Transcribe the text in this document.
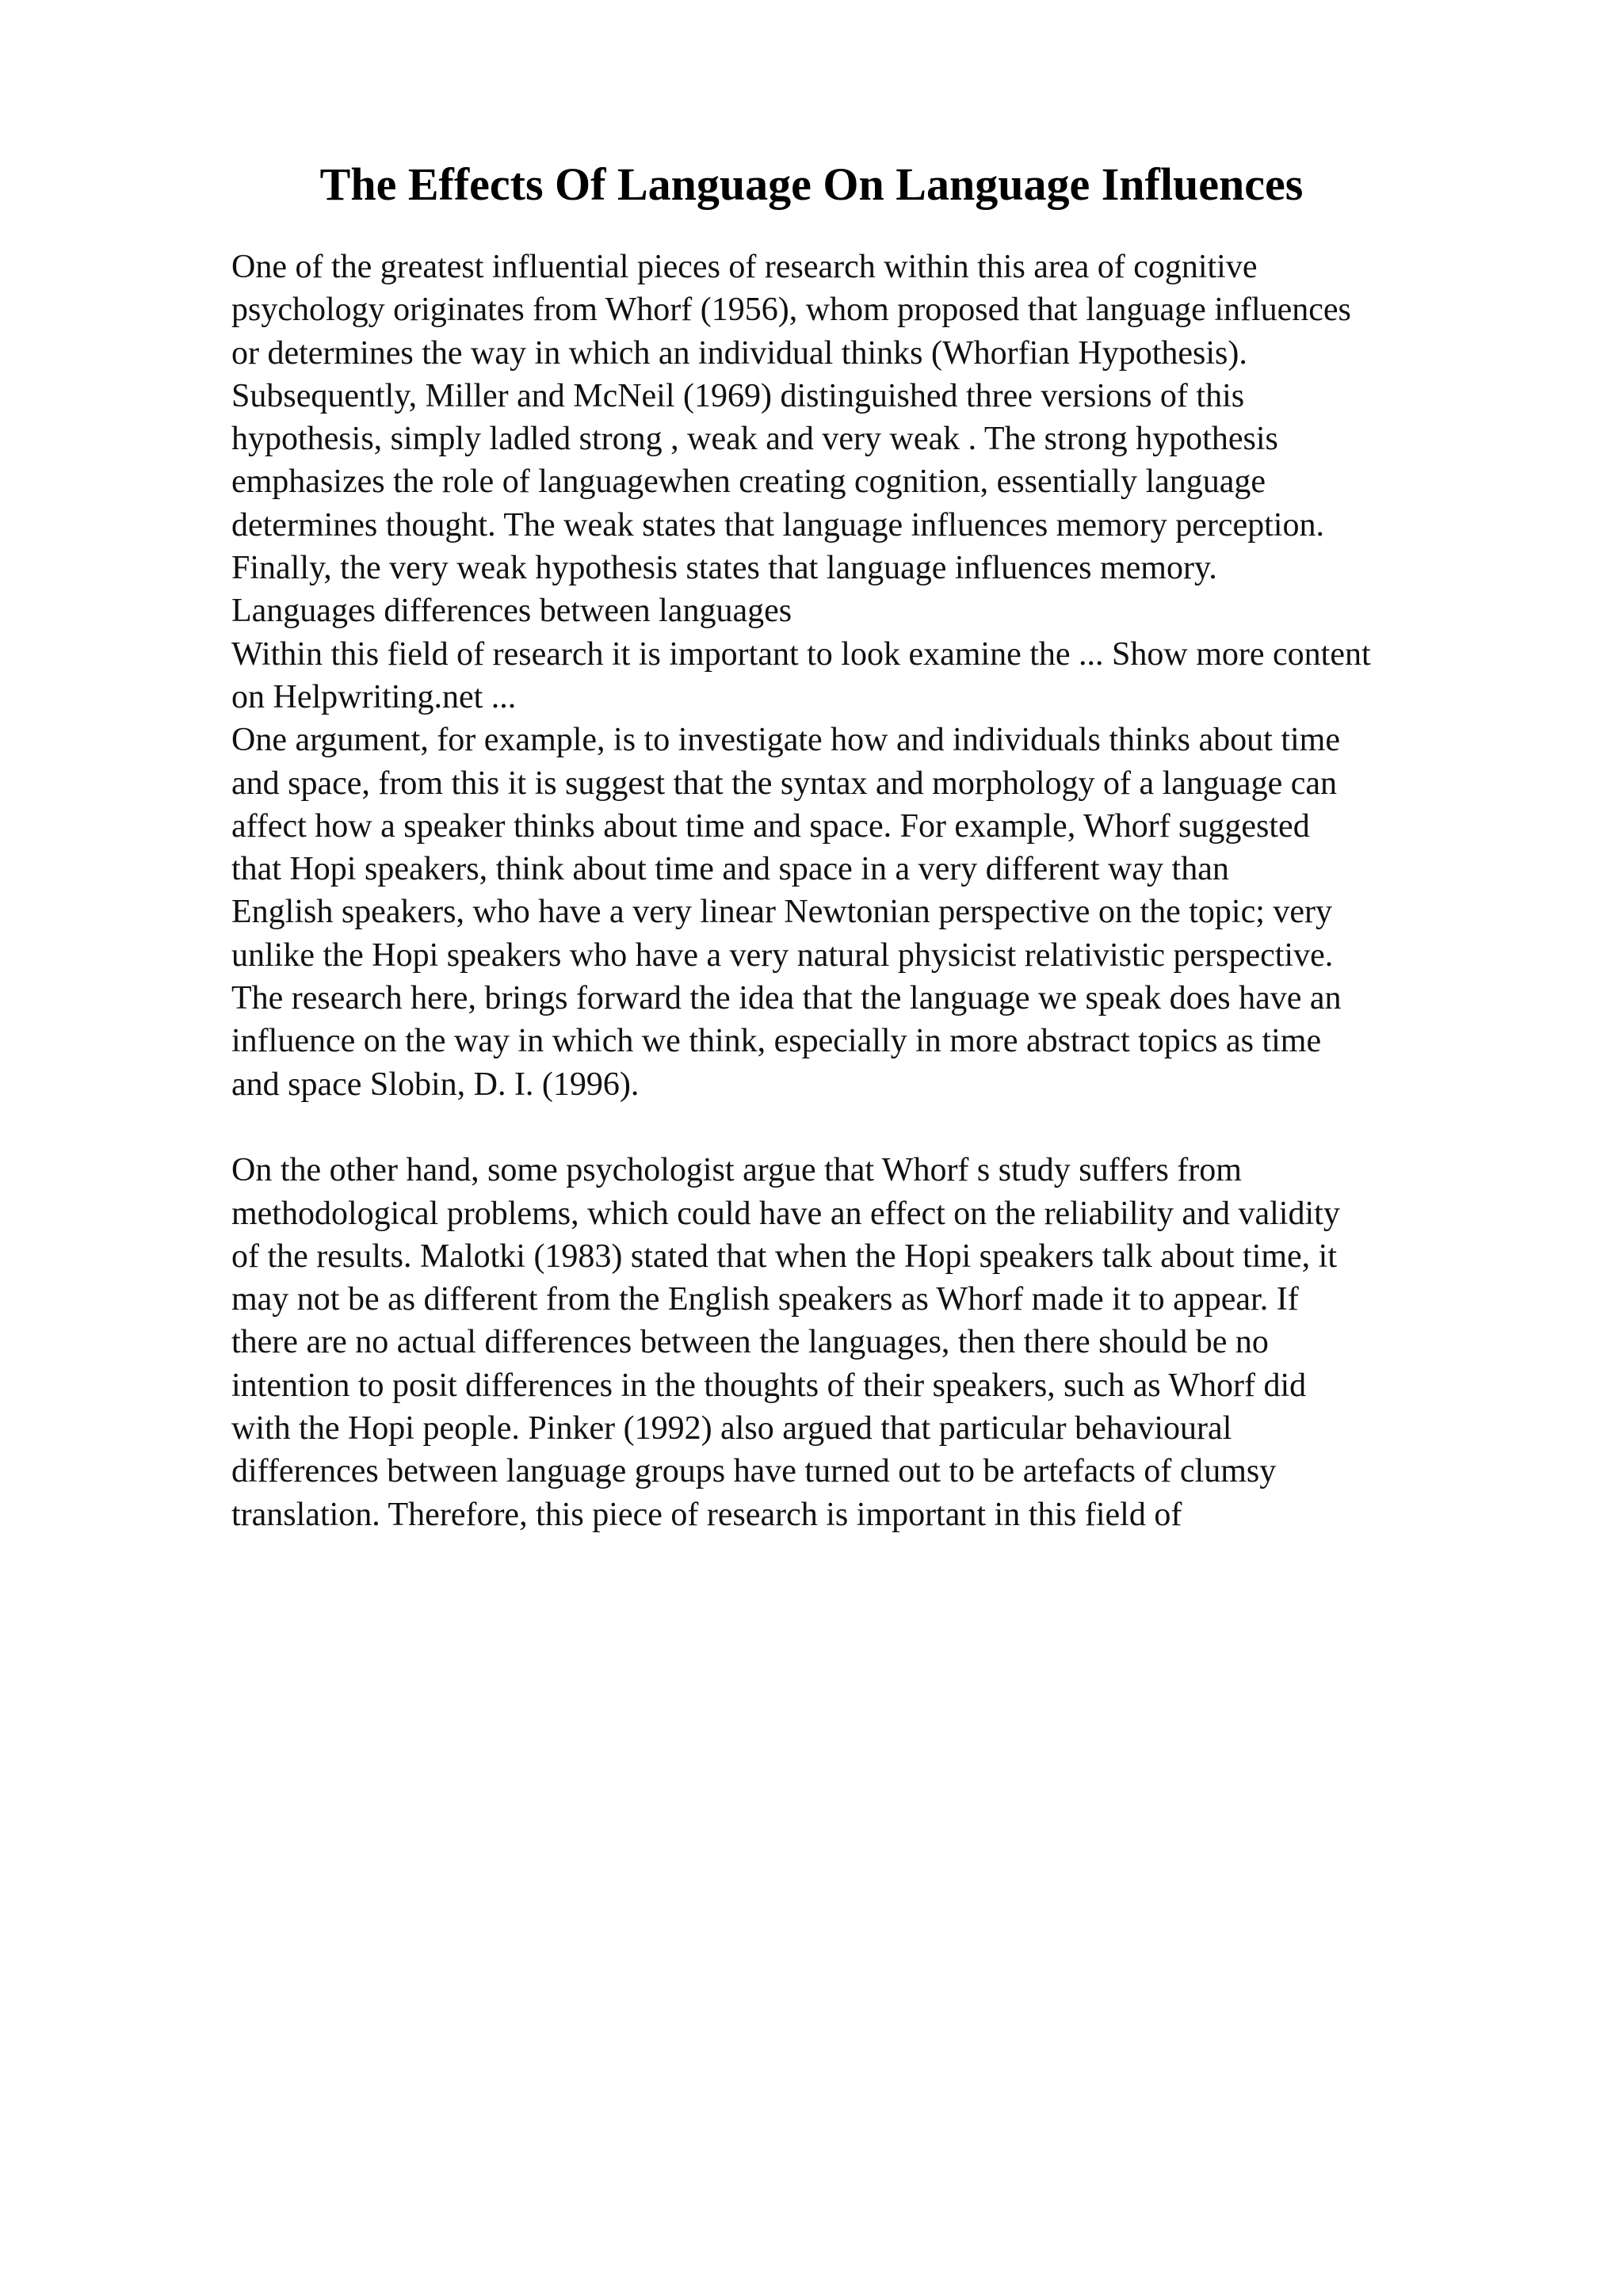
The Effects Of Language On Language Influences
One of the greatest influential pieces of research within this area of cognitive
psychology originates from Whorf (1956), whom proposed that language influences
or determines the way in which an individual thinks (Whorfian Hypothesis).
Subsequently, Miller and McNeil (1969) distinguished three versions of this
hypothesis, simply ladled strong , weak and very weak . The strong hypothesis
emphasizes the role of languagewhen creating cognition, essentially language
determines thought. The weak states that language influences memory perception.
Finally, the very weak hypothesis states that language influences memory.
Languages differences between languages
Within this field of research it is important to look examine the ... Show more content
on Helpwriting.net ...
One argument, for example, is to investigate how and individuals thinks about time
and space, from this it is suggest that the syntax and morphology of a language can
affect how a speaker thinks about time and space. For example, Whorf suggested
that Hopi speakers, think about time and space in a very different way than
English speakers, who have a very linear Newtonian perspective on the topic; very
unlike the Hopi speakers who have a very natural physicist relativistic perspective.
The research here, brings forward the idea that the language we speak does have an
influence on the way in which we think, especially in more abstract topics as time
and space Slobin, D. I. (1996).
On the other hand, some psychologist argue that Whorf s study suffers from
methodological problems, which could have an effect on the reliability and validity
of the results. Malotki (1983) stated that when the Hopi speakers talk about time, it
may not be as different from the English speakers as Whorf made it to appear. If
there are no actual differences between the languages, then there should be no
intention to posit differences in the thoughts of their speakers, such as Whorf did
with the Hopi people. Pinker (1992) also argued that particular behavioural
differences between language groups have turned out to be artefacts of clumsy
translation. Therefore, this piece of research is important in this field of
